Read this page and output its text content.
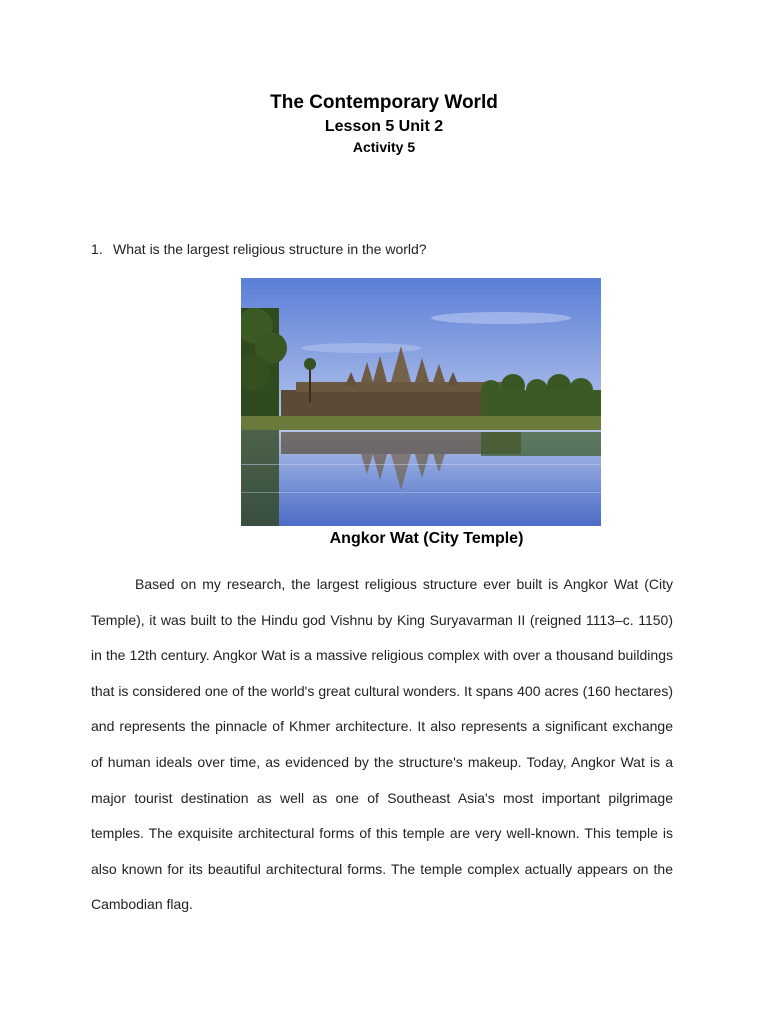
The Contemporary World
Lesson 5 Unit 2
Activity 5
1. What is the largest religious structure in the world?
Angkor Wat (City Temple)

Based on my research, the largest religious structure ever built is Angkor Wat (City Temple), it was built to the Hindu god Vishnu by King Suryavarman II (reigned 1113–c. 1150) in the 12th century. Angkor Wat is a massive religious complex with over a thousand buildings that is considered one of the world's great cultural wonders. It spans 400 acres (160 hectares) and represents the pinnacle of Khmer architecture. It also represents a significant exchange of human ideals over time, as evidenced by the structure's makeup. Today, Angkor Wat is a major tourist destination as well as one of Southeast Asia's most important pilgrimage temples. The exquisite architectural forms of this temple are very well-known. This temple is also known for its beautiful architectural forms. The temple complex actually appears on the Cambodian flag.
